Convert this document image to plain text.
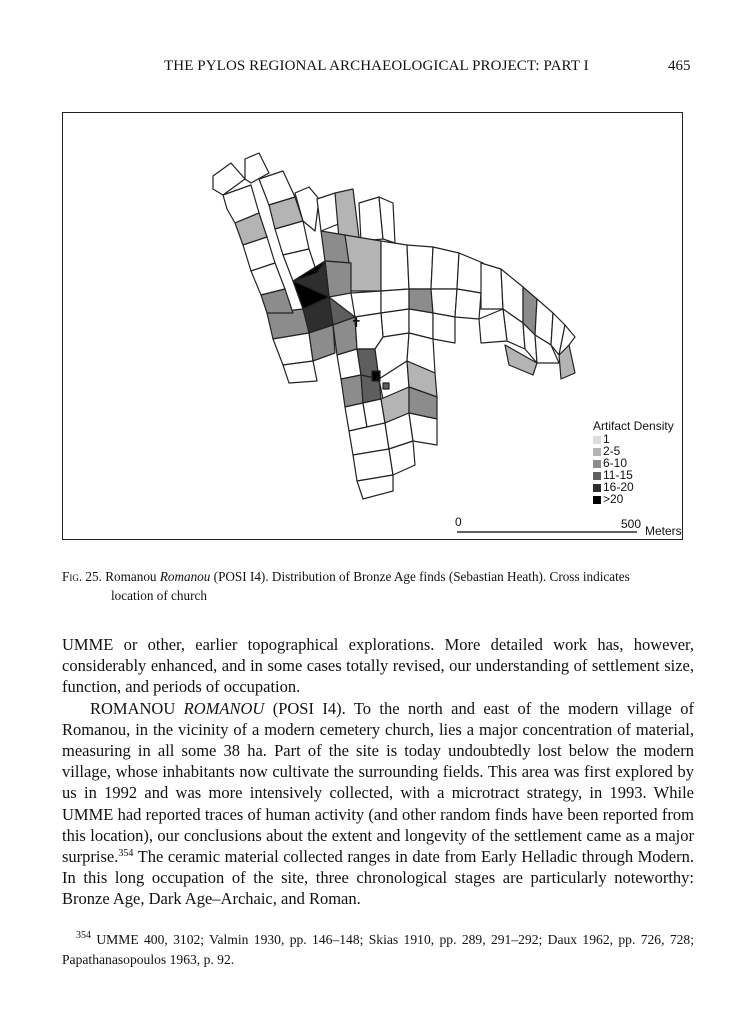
THE PYLOS REGIONAL ARCHAEOLOGICAL PROJECT: PART I	465
✝
Artifact Density
1
2-5
6-10
11-15
16-20
>20
0	500 Meters
Fig. 25. Romanou Romanou (POSI I4). Distribution of Bronze Age finds (Sebastian Heath). Cross indicates
location of church

UMME or other, earlier topographical explorations. More detailed work has, however, considerably enhanced, and in some cases totally revised, our understanding of settlement size, function, and periods of occupation.

ROMANOU ROMANOU (POSI I4). To the north and east of the modern village of Romanou, in the vicinity of a modern cemetery church, lies a major concentration of material, measuring in all some 38 ha. Part of the site is today undoubtedly lost below the modern village, whose inhabitants now cultivate the surrounding fields. This area was first explored by us in 1992 and was more intensively collected, with a microtract strategy, in 1993. While UMME had reported traces of human activity (and other random finds have been reported from this location), our conclusions about the extent and longevity of the settlement came as a major surprise.$^{354}$ The ceramic material collected ranges in date from Early Helladic through Modern. In this long occupation of the site, three chronological stages are particularly noteworthy: Bronze Age, Dark Age–Archaic, and Roman.

$^{354}$ UMME 400, 3102; Valmin 1930, pp. 146–148; Skias 1910, pp. 289, 291–292; Daux 1962, pp. 726, 728; Papathanasopoulos 1963, p. 92.
